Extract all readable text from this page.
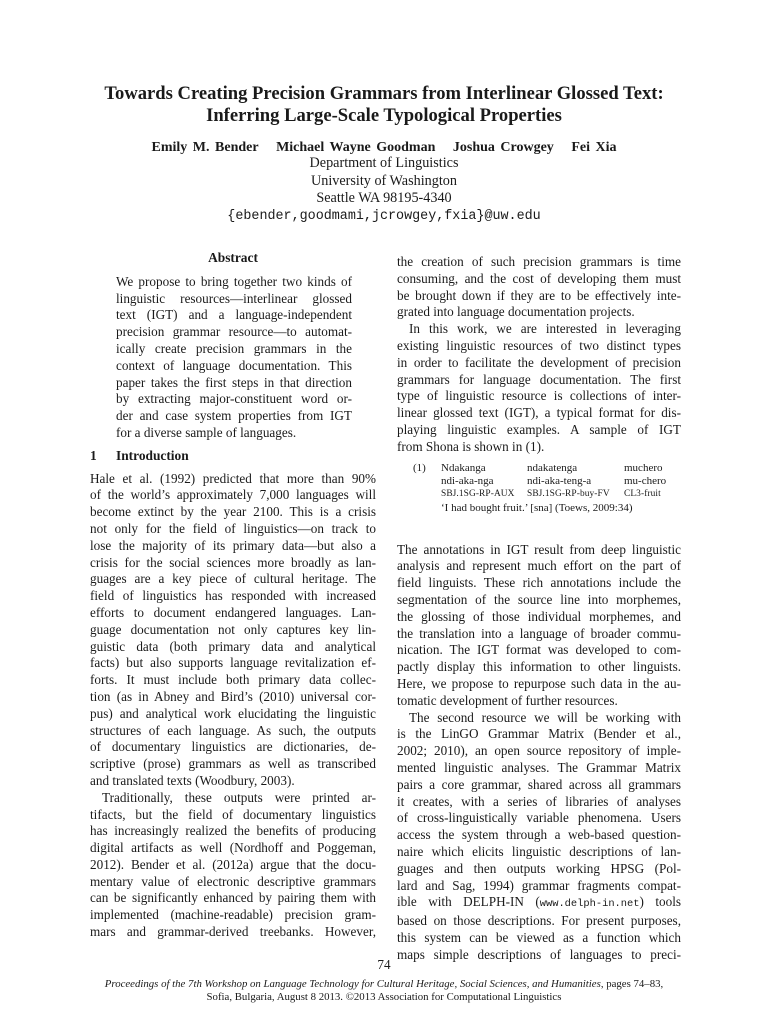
Towards Creating Precision Grammars from Interlinear Glossed Text:
Inferring Large-Scale Typological Properties
Emily M. Bender Michael Wayne Goodman Joshua Crowgey Fei Xia
Department of Linguistics
University of Washington
Seattle WA 98195-4340
{ebender,goodmami,jcrowgey,fxia}@uw.edu
Abstract
We propose to bring together two kinds of
linguistic resources—interlinear glossed
text (IGT) and a language-independent
precision grammar resource—to automat-
ically create precision grammars in the
context of language documentation. This
paper takes the first steps in that direction
by extracting major-constituent word or-
der and case system properties from IGT
for a diverse sample of languages.
1 Introduction
Hale et al. (1992) predicted that more than 90%
of the world’s approximately 7,000 languages will
become extinct by the year 2100. This is a crisis
not only for the field of linguistics—on track to
lose the majority of its primary data—but also a
crisis for the social sciences more broadly as lan-
guages are a key piece of cultural heritage. The
field of linguistics has responded with increased
efforts to document endangered languages. Lan-
guage documentation not only captures key lin-
guistic data (both primary data and analytical
facts) but also supports language revitalization ef-
forts. It must include both primary data collec-
tion (as in Abney and Bird’s (2010) universal cor-
pus) and analytical work elucidating the linguistic
structures of each language. As such, the outputs
of documentary linguistics are dictionaries, de-
scriptive (prose) grammars as well as transcribed
and translated texts (Woodbury, 2003).
Traditionally, these outputs were printed ar-
tifacts, but the field of documentary linguistics
has increasingly realized the benefits of producing
digital artifacts as well (Nordhoff and Poggeman,
2012). Bender et al. (2012a) argue that the docu-
mentary value of electronic descriptive grammars
can be significantly enhanced by pairing them with
implemented (machine-readable) precision gram-
mars and grammar-derived treebanks. However,
the creation of such precision grammars is time
consuming, and the cost of developing them must
be brought down if they are to be effectively inte-
grated into language documentation projects.
In this work, we are interested in leveraging
existing linguistic resources of two distinct types
in order to facilitate the development of precision
grammars for language documentation. The first
type of linguistic resource is collections of inter-
linear glossed text (IGT), a typical format for dis-
playing linguistic examples. A sample of IGT
from Shona is shown in (1).
(1) Ndakanga	ndakatenga	muchero
ndi-aka-nga	ndi-aka-teng-a	mu-chero
SBJ.1SG-RP-AUX SBJ.1SG-RP-buy-FV CL3-fruit
‘I had bought fruit.’ [sna] (Toews, 2009:34)
The annotations in IGT result from deep linguistic
analysis and represent much effort on the part of
field linguists. These rich annotations include the
segmentation of the source line into morphemes,
the glossing of those individual morphemes, and
the translation into a language of broader commu-
nication. The IGT format was developed to com-
pactly display this information to other linguists.
Here, we propose to repurpose such data in the au-
tomatic development of further resources.
The second resource we will be working with
is the LinGO Grammar Matrix (Bender et al.,
2002; 2010), an open source repository of imple-
mented linguistic analyses. The Grammar Matrix
pairs a core grammar, shared across all grammars
it creates, with a series of libraries of analyses
of cross-linguistically variable phenomena. Users
access the system through a web-based question-
naire which elicits linguistic descriptions of lan-
guages and then outputs working HPSG (Pol-
lard and Sag, 1994) grammar fragments compat-
ible with DELPH-IN (www.delph-in.net) tools
based on those descriptions. For present purposes,
this system can be viewed as a function which
maps simple descriptions of languages to preci-
74
Proceedings of the 7th Workshop on Language Technology for Cultural Heritage, Social Sciences, and Humanities, pages 74–83,
Sofia, Bulgaria, August 8 2013. ©2013 Association for Computational Linguistics
